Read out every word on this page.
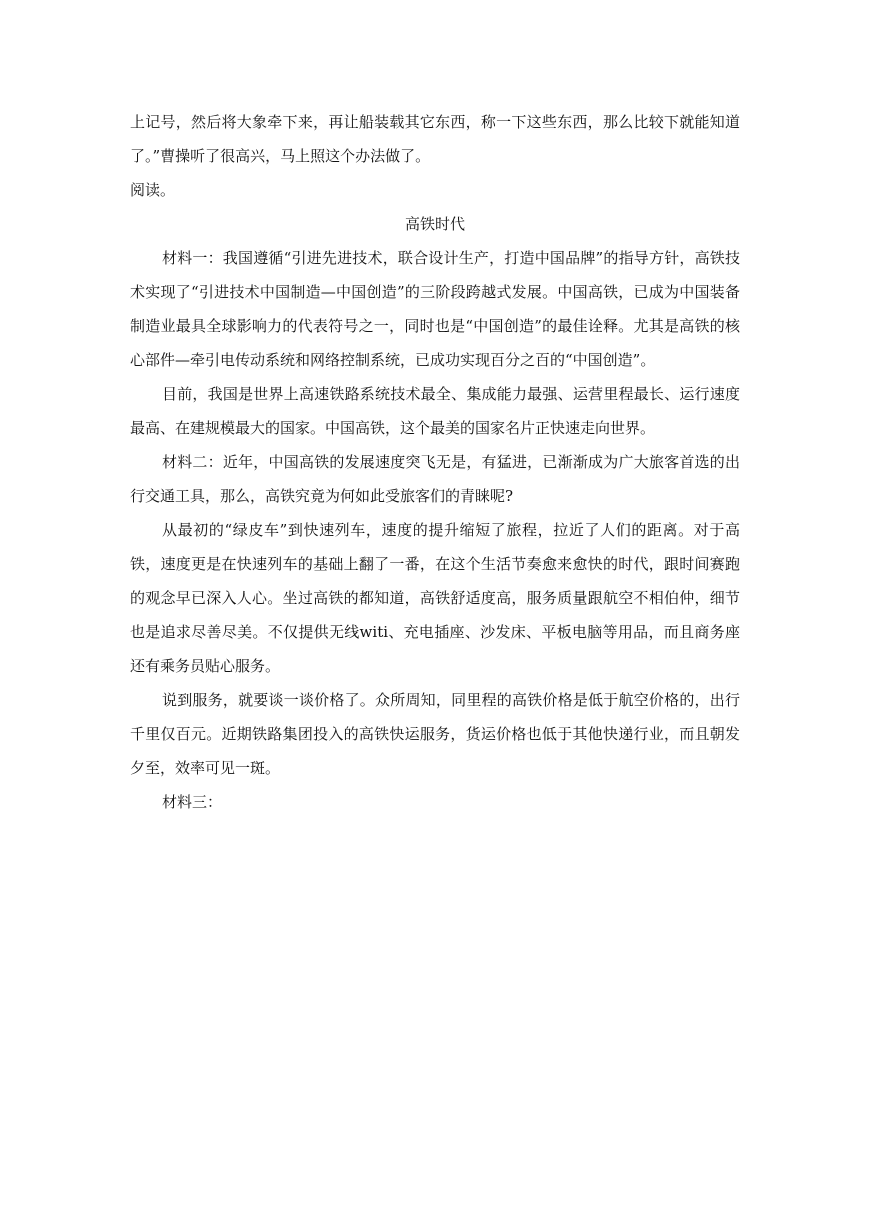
上记号，然后将大象牵下来，再让船装载其它东西，称一下这些东西，那么比较下就能知道了。”曹操听了很高兴，马上照这个办法做了。

阅读。

高铁时代

材料一：我国遵循“引进先进技术，联合设计生产，打造中国品牌”的指导方针，高铁技术实现了“引进技术中国制造—中国创造”的三阶段跨越式发展。中国高铁，已成为中国装备制造业最具全球影响力的代表符号之一，同时也是“中国创造”的最佳诠释。尤其是高铁的核心部件—牵引电传动系统和网络控制系统，已成功实现百分之百的“中国创造”。

目前，我国是世界上高速铁路系统技术最全、集成能力最强、运营里程最长、运行速度最高、在建规模最大的国家。中国高铁，这个最美的国家名片正快速走向世界。

材料二：近年，中国高铁的发展速度突飞无是，有猛进，已渐渐成为广大旅客首选的出行交通工具，那么，高铁究竟为何如此受旅客们的青睐呢?

从最初的“绿皮车”到快速列车，速度的提升缩短了旅程，拉近了人们的距离。对于高铁，速度更是在快速列车的基础上翻了一番，在这个生活节奏愈来愈快的时代，跟时间赛跑的观念早已深入人心。坐过高铁的都知道，高铁舒适度高，服务质量跟航空不相伯仲，细节也是追求尽善尽美。不仅提供无线witi、充电插座、沙发床、平板电脑等用品，而且商务座还有乘务员贴心服务。

说到服务，就要谈一谈价格了。众所周知，同里程的高铁价格是低于航空价格的，出行千里仅百元。近期铁路集团投入的高铁快运服务，货运价格也低于其他快递行业，而且朝发夕至，效率可见一斑。

材料三：
